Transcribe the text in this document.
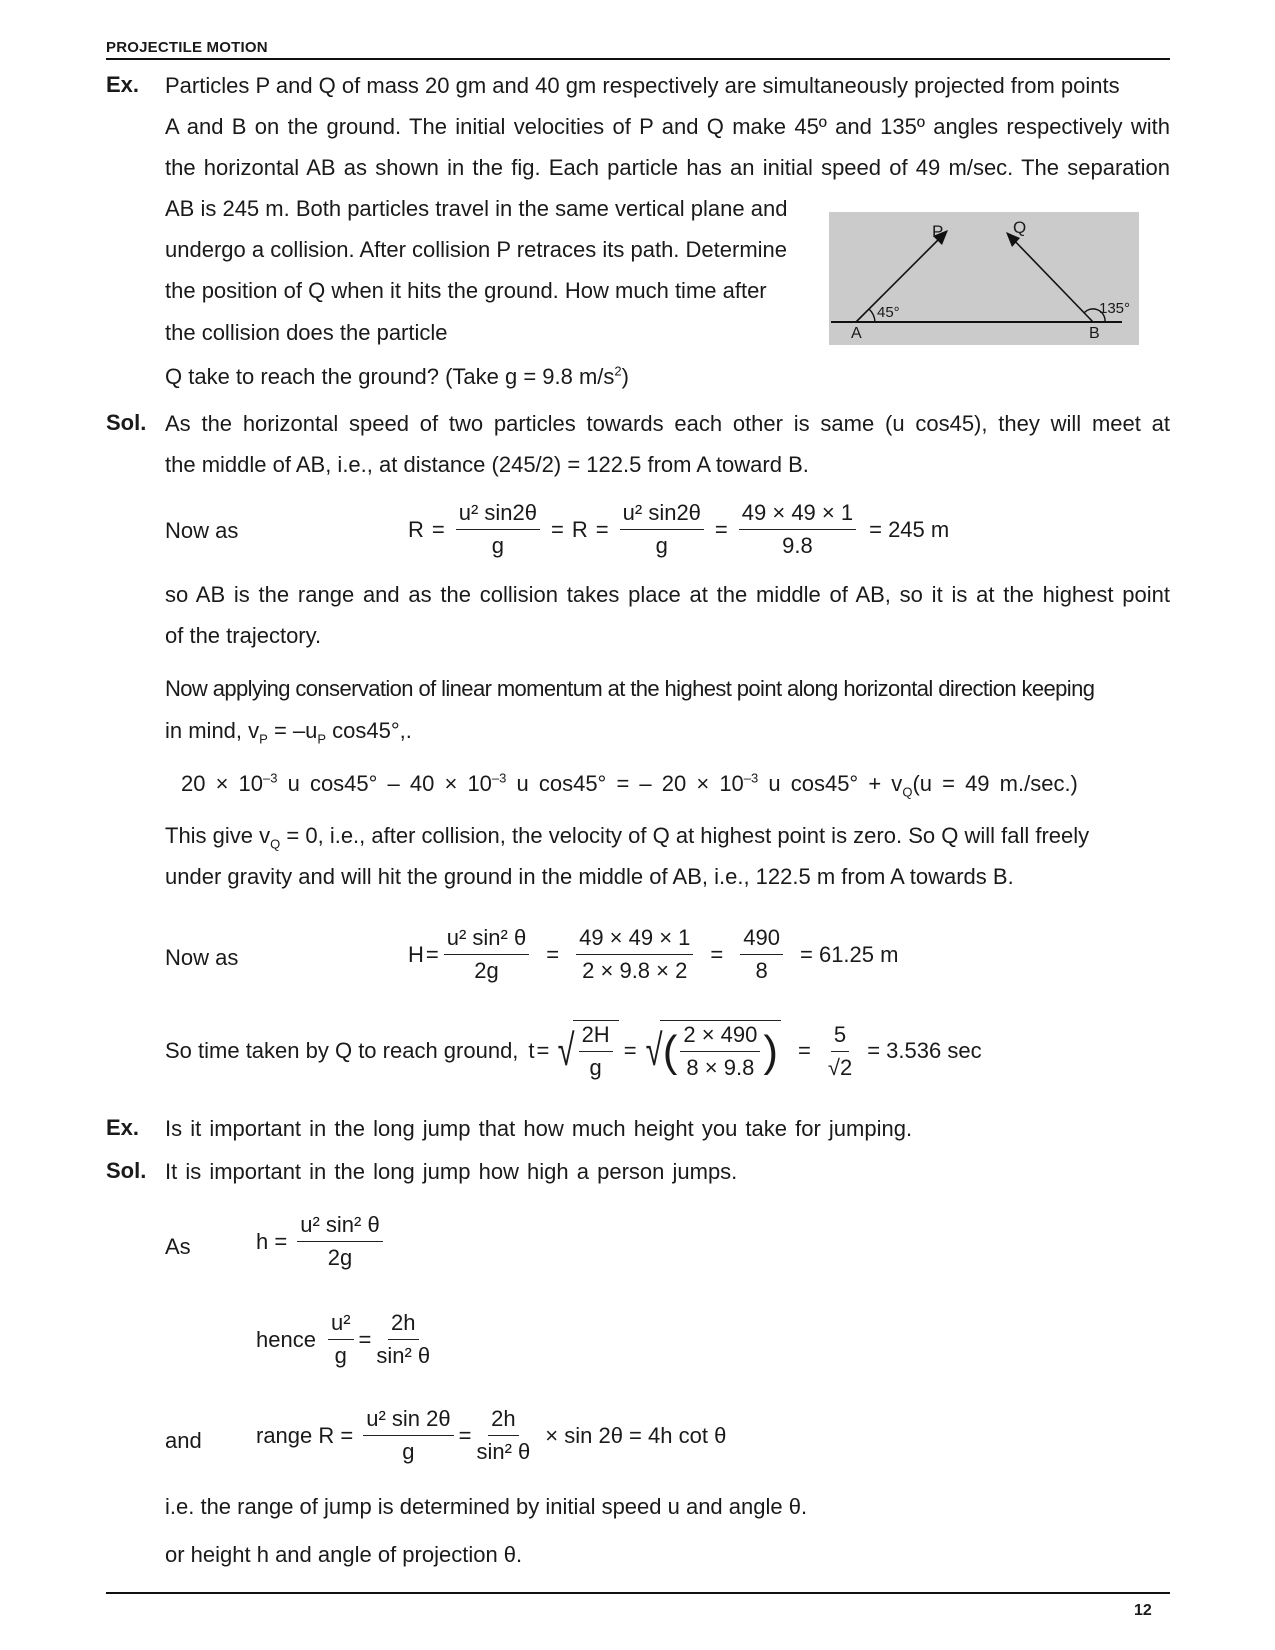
PROJECTILE MOTION
Ex. Particles P and Q of mass 20 gm and 40 gm respectively are simultaneously projected from points
A and B on the ground. The initial velocities of P and Q make 45º and 135º angles respectively with
the horizontal AB as shown in the fig. Each particle has an initial speed of 49 m/sec. The separation
AB is 245 m. Both particles travel in the same vertical plane and
undergo a collision. After collision P retraces its path. Determine
the position of Q when it hits the ground. How much time after
the collision does the particle
Q take to reach the ground? (Take g = 9.8 $m/s^2$)
P	Q
A	B
45°	135°
Sol. As the horizontal speed of two particles towards each other is same (u cos45), they will meet at
the middle of AB, i.e., at distance (245/2) = 122.5 from A toward B.
Now as	$R = \frac{\text{u² sin2θ}}{g} = R = \frac{\text{u² sin2θ}}{g} = \frac{49 \times 49 \times 1}{9.8} = 245$ m
so AB is the range and as the collision takes place at the middle of AB, so it is at the highest point
of the trajectory.
Now applying conservation of linear momentum at the highest point along horizontal direction keeping
in mind, $v_P = -u_P$ cos45°,.
$20 \times 10^{-3}$ u $\cos 45^\circ - 40 \times 10^{-3}$ u cos45° = – $20 \times 10^{-3}$ u $\cos 45^\circ + v_Q(u = 49$ m./sec.)
This give $v_Q = 0$, i.e., after collision, the velocity of Q at highest point is zero. So Q will fall freely
under gravity and will hit the ground in the middle of AB, i.e., 122.5 m from A towards B.
Now as	$H = \frac{\text{u² sin² θ}}{2g} = \frac{49 \times 49 \times 1}{2 \times 9.8 \times 2} = \frac{490}{8} = 61.25$ m
So time taken by Q to reach ground, t = √ $\frac{2H}{g}$ = √ ( $\frac{2 \times 490}{8 \times 9.8}$ ) = $\frac{5}{√2} = 3.536$ sec
Ex. Is it important in the long jump that how much height you take for jumping.
Sol. It is important in the long jump how high a person jumps.
As	$h = \frac{\text{u² sin² θ}}{2g}$
hence $\frac{\text{u²}}{g} = \frac{2h}{\text{sin² θ}}$
and range $R = \frac{\text{u² sin 2θ}}{g} = \frac{2h}{\text{sin² θ}} \times \sin 2\theta = 4h$ cot θ
i.e. the range of jump is determined by initial speed u and angle θ.
or height h and angle of projection θ.
12
